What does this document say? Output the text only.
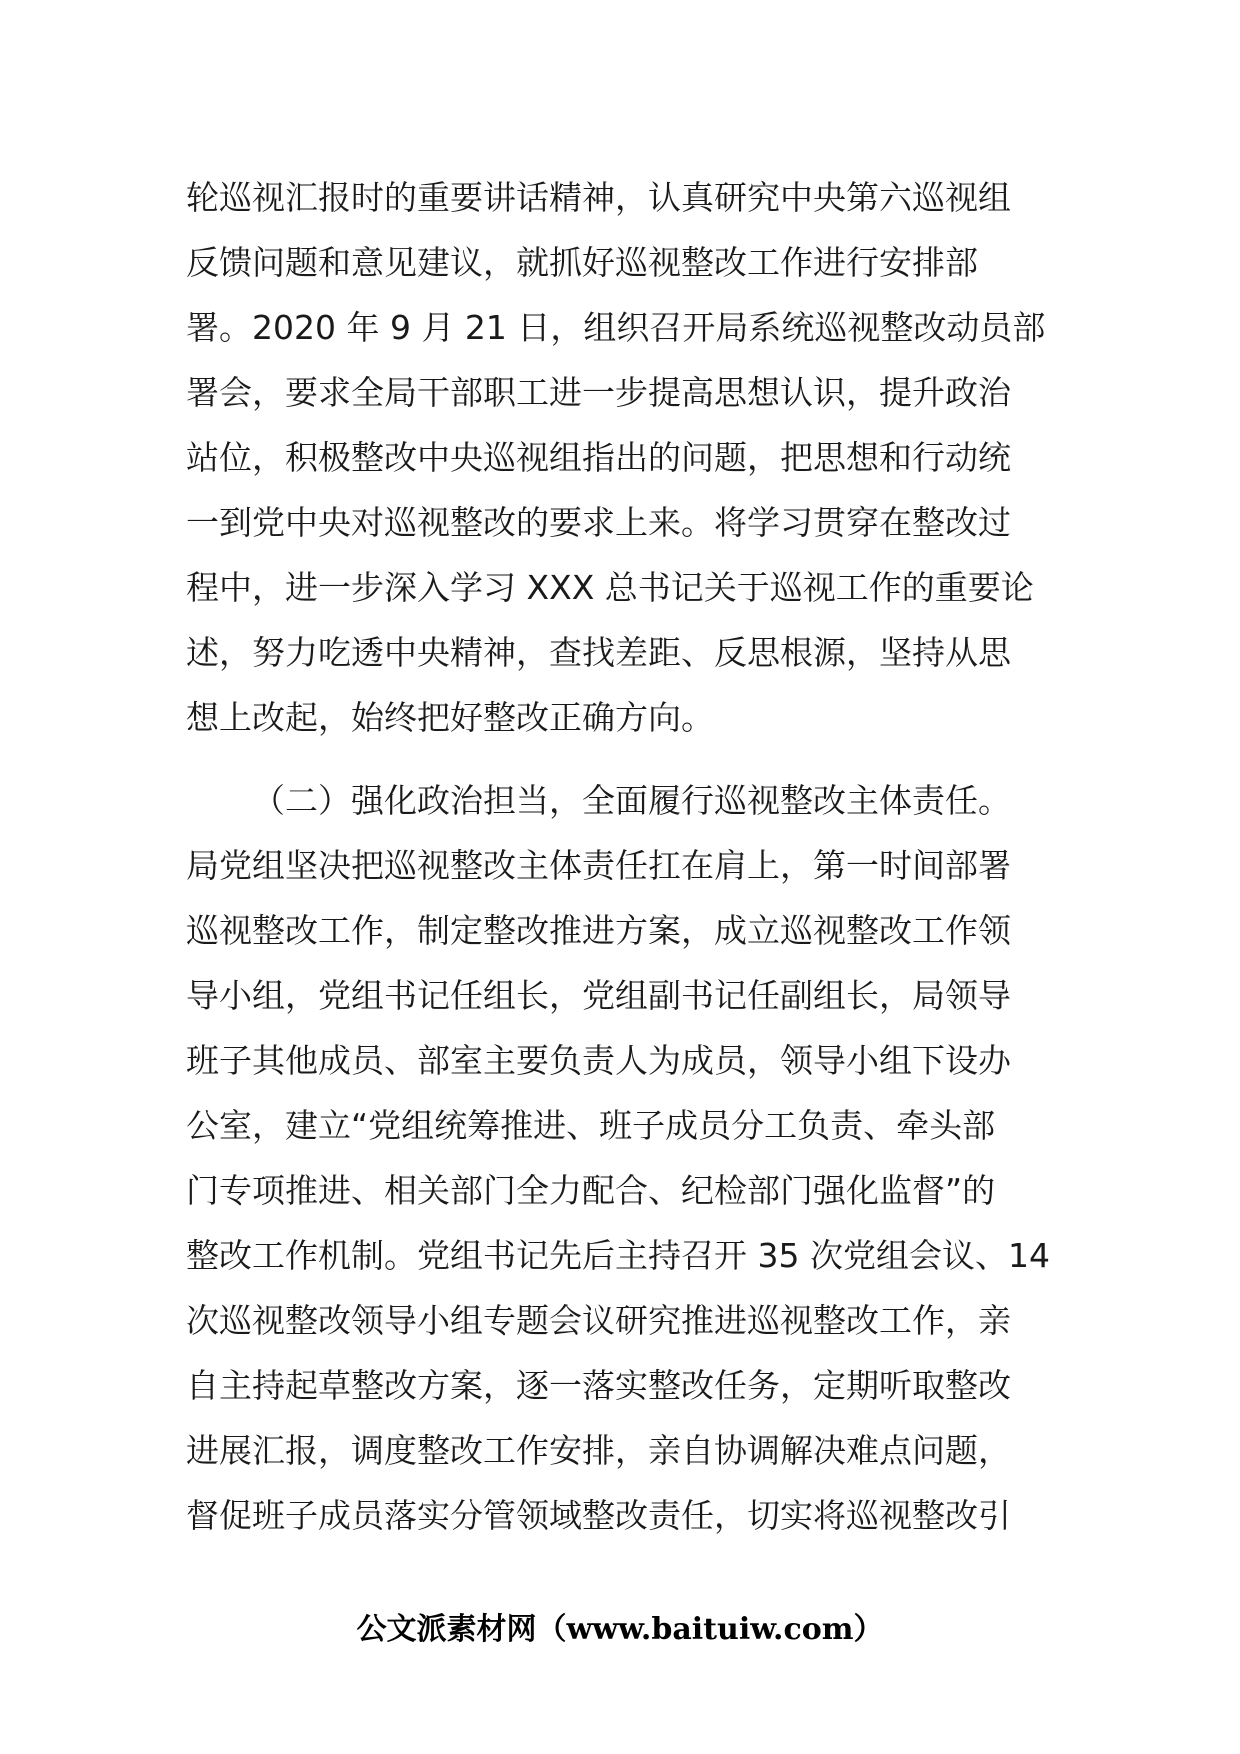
轮巡视汇报时的重要讲话精神，认真研究中央第六巡视组
反馈问题和意见建议，就抓好巡视整改工作进行安排部
署。2020 年 9 月 21 日，组织召开局系统巡视整改动员部
署会，要求全局干部职工进一步提高思想认识，提升政治
站位，积极整改中央巡视组指出的问题，把思想和行动统
一到党中央对巡视整改的要求上来。将学习贯穿在整改过
程中，进一步深入学习 XXX 总书记关于巡视工作的重要论
述，努力吃透中央精神，查找差距、反思根源，坚持从思
想上改起，始终把好整改正确方向。
（二）强化政治担当，全面履行巡视整改主体责任。
局党组坚决把巡视整改主体责任扛在肩上，第一时间部署
巡视整改工作，制定整改推进方案，成立巡视整改工作领
导小组，党组书记任组长，党组副书记任副组长，局领导
班子其他成员、部室主要负责人为成员，领导小组下设办
公室，建立“党组统筹推进、班子成员分工负责、牵头部
门专项推进、相关部门全力配合、纪检部门强化监督”的
整改工作机制。党组书记先后主持召开 35 次党组会议、14
次巡视整改领导小组专题会议研究推进巡视整改工作，亲
自主持起草整改方案，逐一落实整改任务，定期听取整改
进展汇报，调度整改工作安排，亲自协调解决难点问题，
督促班子成员落实分管领域整改责任，切实将巡视整改引
公文派素材网（www.baituiw.com）
